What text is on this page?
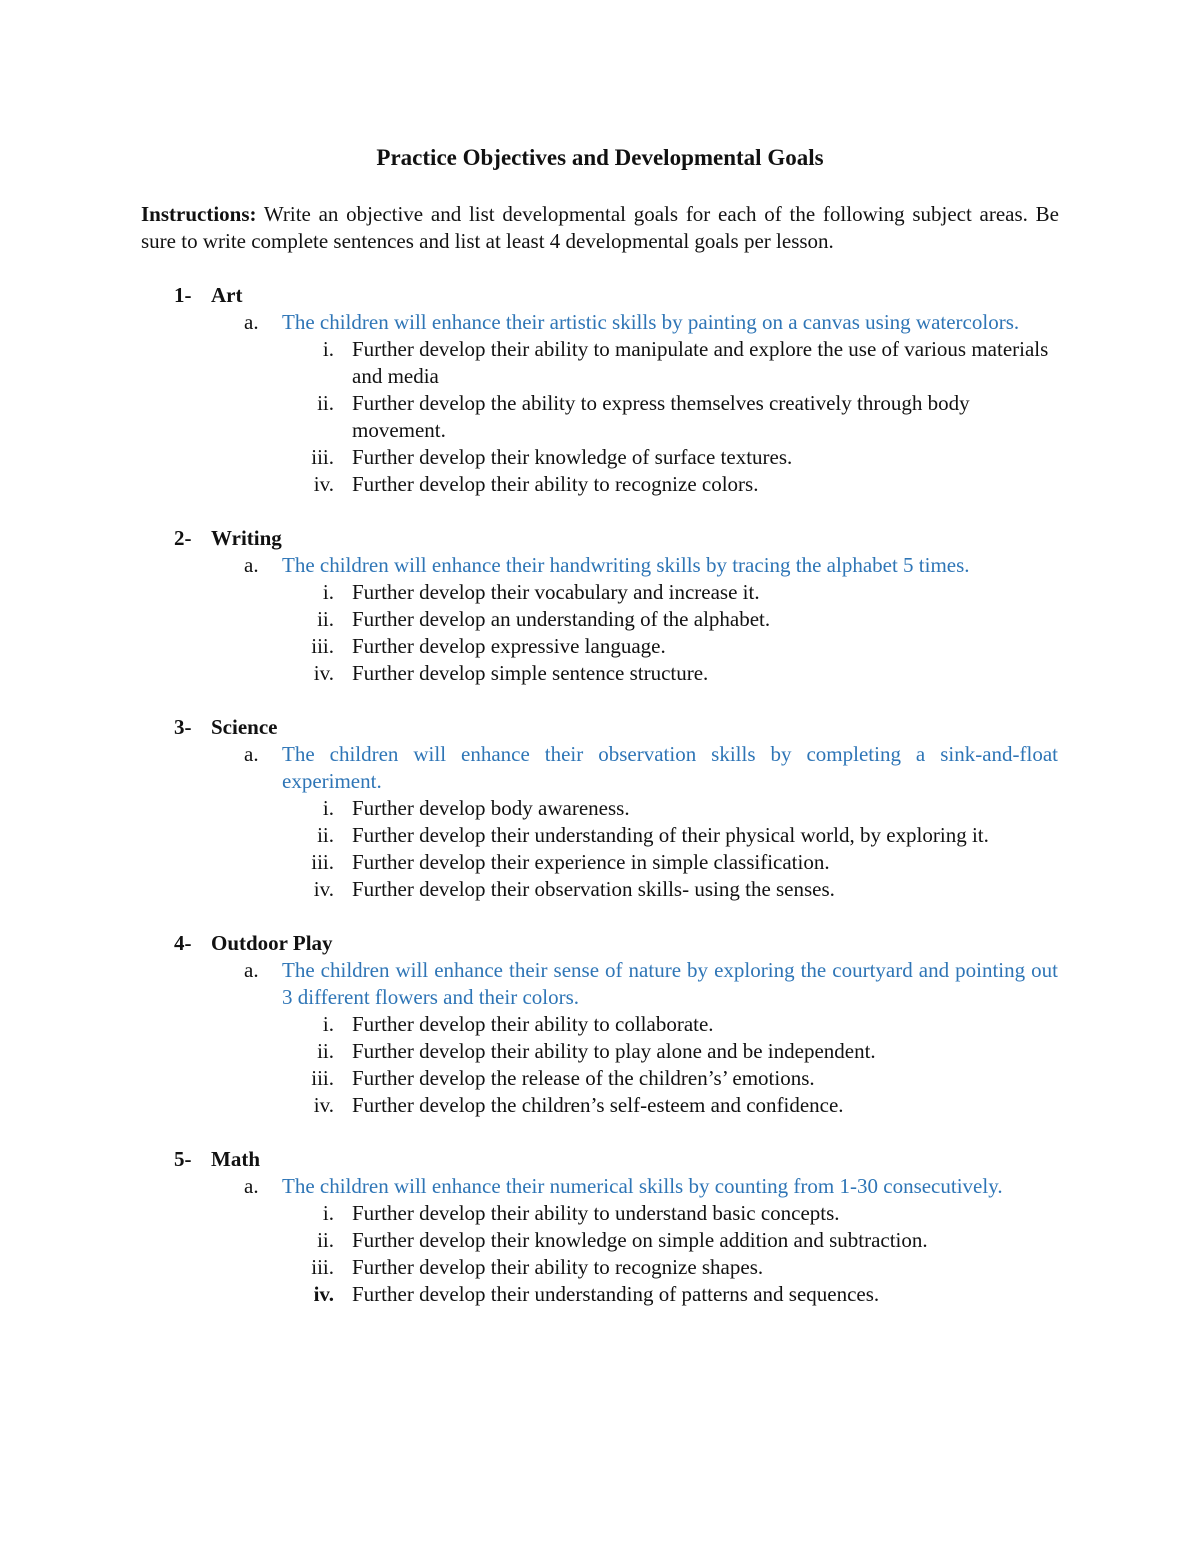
Practice Objectives and Developmental Goals
Instructions: Write an objective and list developmental goals for each of the following subject areas. Be sure to write complete sentences and list at least 4 developmental goals per lesson.
1- Art
a.	The children will enhance their artistic skills by painting on a canvas using watercolors.
i. Further develop their ability to manipulate and explore the use of various materials and media
ii. Further develop the ability to express themselves creatively through body movement.
iii. Further develop their knowledge of surface textures.
iv. Further develop their ability to recognize colors.
2- Writing
a.	The children will enhance their handwriting skills by tracing the alphabet 5 times.
i. Further develop their vocabulary and increase it.
ii. Further develop an understanding of the alphabet.
iii. Further develop expressive language.
iv. Further develop simple sentence structure.
3- Science
a.	The children will enhance their observation skills by completing a sink-and-float experiment.
i. Further develop body awareness.
ii. Further develop their understanding of their physical world, by exploring it.
iii. Further develop their experience in simple classification.
iv. Further develop their observation skills- using the senses.
4- Outdoor Play
a.	The children will enhance their sense of nature by exploring the courtyard and pointing out 3 different flowers and their colors.
i. Further develop their ability to collaborate.
ii. Further develop their ability to play alone and be independent.
iii. Further develop the release of the children’s’ emotions.
iv. Further develop the children’s self-esteem and confidence.
5- Math
a.	The children will enhance their numerical skills by counting from 1-30 consecutively.
i. Further develop their ability to understand basic concepts.
ii. Further develop their knowledge on simple addition and subtraction.
iii. Further develop their ability to recognize shapes.
iv. Further develop their understanding of patterns and sequences.
